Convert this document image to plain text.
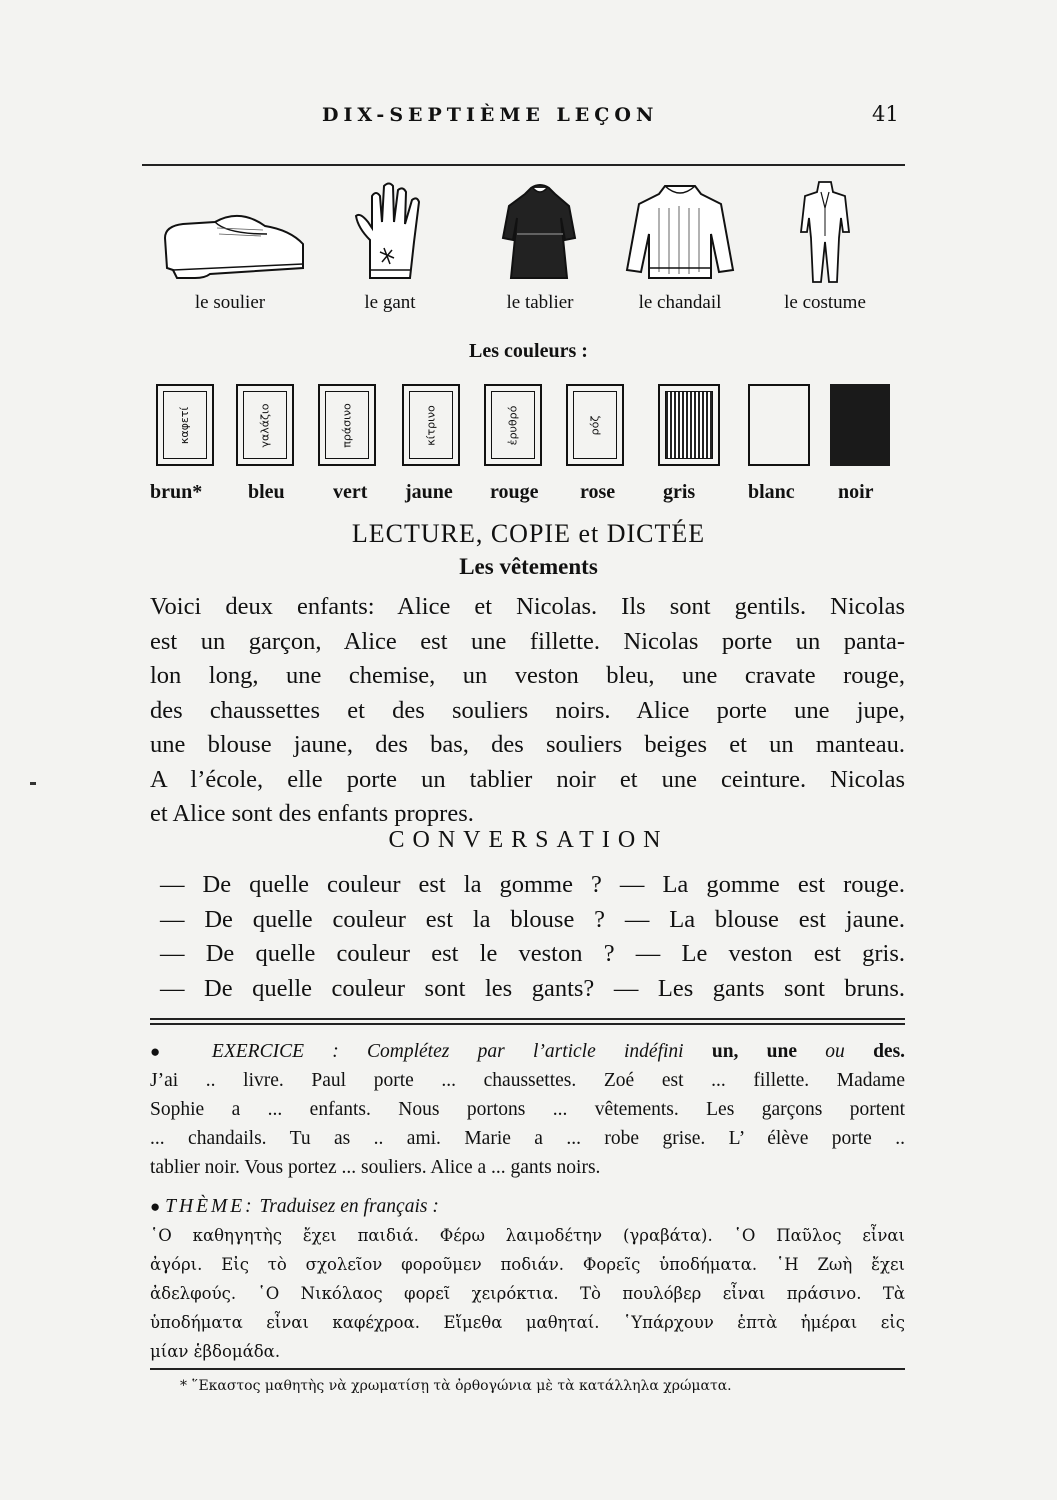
DIX-SEPTIÈME LEÇON	41
le soulier	le gant	le tablier	le chandail	le costume
Les couleurs :
καφετί	γαλάζιο	πράσινο	κίτρινο	ἐρυθρό	ρόζ
brun* bleu vert jaune rouge rose gris	blanc noir
LECTURE, COPIE et DICTÉE
Les vêtements
Voici deux enfants: Alice et Nicolas. Ils sont gentils. Nicolas
est un garçon, Alice est une fillette. Nicolas porte un panta-
lon long, une chemise, un veston bleu, une cravate rouge,
des chaussettes et des souliers noirs. Alice porte une jupe,
une blouse jaune, des bas, des souliers beiges et un manteau.
A l’école, elle porte un tablier noir et une ceinture. Nicolas
et Alice sont des enfants propres.
CONVERSATION
— De quelle couleur est la gomme ? — La gomme est rouge.
— De quelle couleur est la blouse ? — La blouse est jaune.
— De quelle couleur est le veston ? — Le veston est gris.
— De quelle couleur sont les gants? — Les gants sont bruns.
● EXERCICE : Complétez par l’article indéfini un, une ou des.
J’ai .. livre. Paul porte ... chaussettes. Zoé est ... fillette. Madame
Sophie a ... enfants. Nous portons ... vêtements. Les garçons portent
... chandails. Tu as .. ami. Marie a ... robe grise. L’ élève porte ..
tablier noir. Vous portez ... souliers. Alice a ... gants noirs.
● THÈME: Traduisez en français :
῾Ο καθηγητὴς ἔχει παιδιά. Φέρω λαιμοδέτην (γραβάτα). ῾Ο Παῦλος εἶναι
ἀγόρι. Εἰς τὸ σχολεῖον φοροῦμεν ποδιάν. Φορεῖς ὑποδήματα. ῾Η Ζωὴ ἔχει
ἀδελφούς. ῾Ο Νικόλαος φορεῖ χειρόκτια. Τὸ πουλόβερ εἶναι πράσινο. Τὰ
ὑποδήματα εἶναι καφέχροα. Εἴμεθα μαθηταί. ῾Υπάρχουν ἑπτὰ ἡμέραι εἰς
μίαν ἑβδομάδα.
* ῞Εκαστος μαθητὴς νὰ χρωματίσῃ τὰ ὀρθογώνια μὲ τὰ κατάλληλα χρώματα.
